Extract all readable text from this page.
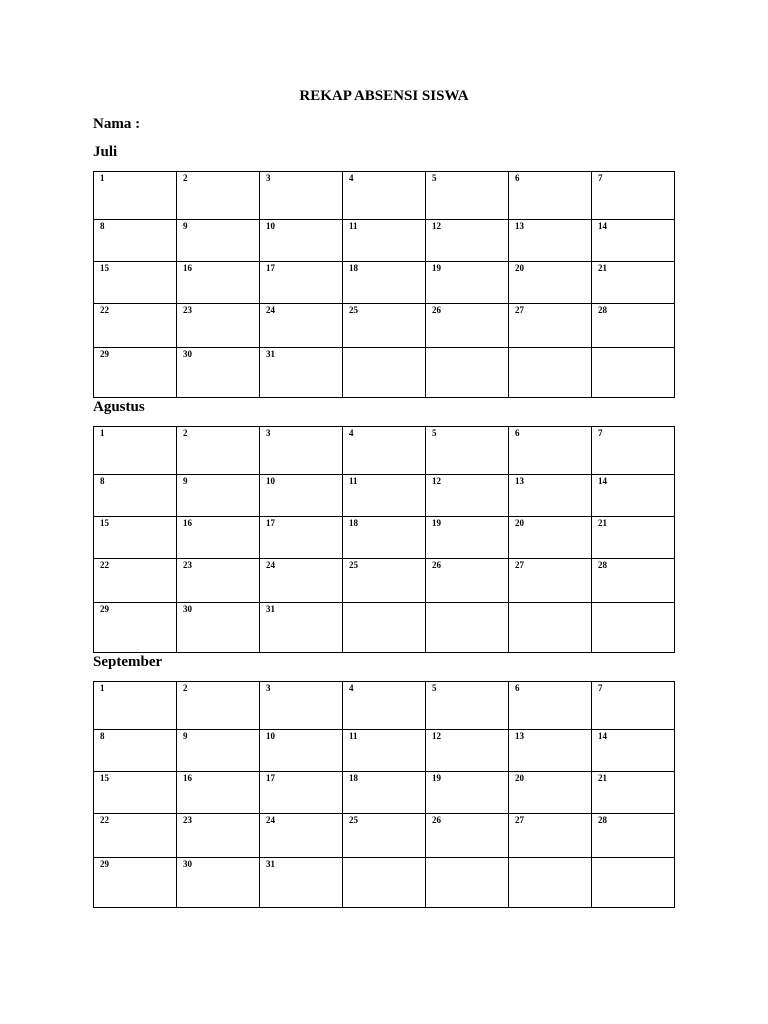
REKAP ABSENSI SISWA
Nama :
Juli
1	2	3	4	5	6	7
8	9	10	11	12	13	14
15	16	17	18	19	20	21
22	23	24	25	26	27	28
29	30	31				
Agustus
1	2	3	4	5	6	7
8	9	10	11	12	13	14
15	16	17	18	19	20	21
22	23	24	25	26	27	28
29	30	31				
September
1	2	3	4	5	6	7
8	9	10	11	12	13	14
15	16	17	18	19	20	21
22	23	24	25	26	27	28
29	30	31				
